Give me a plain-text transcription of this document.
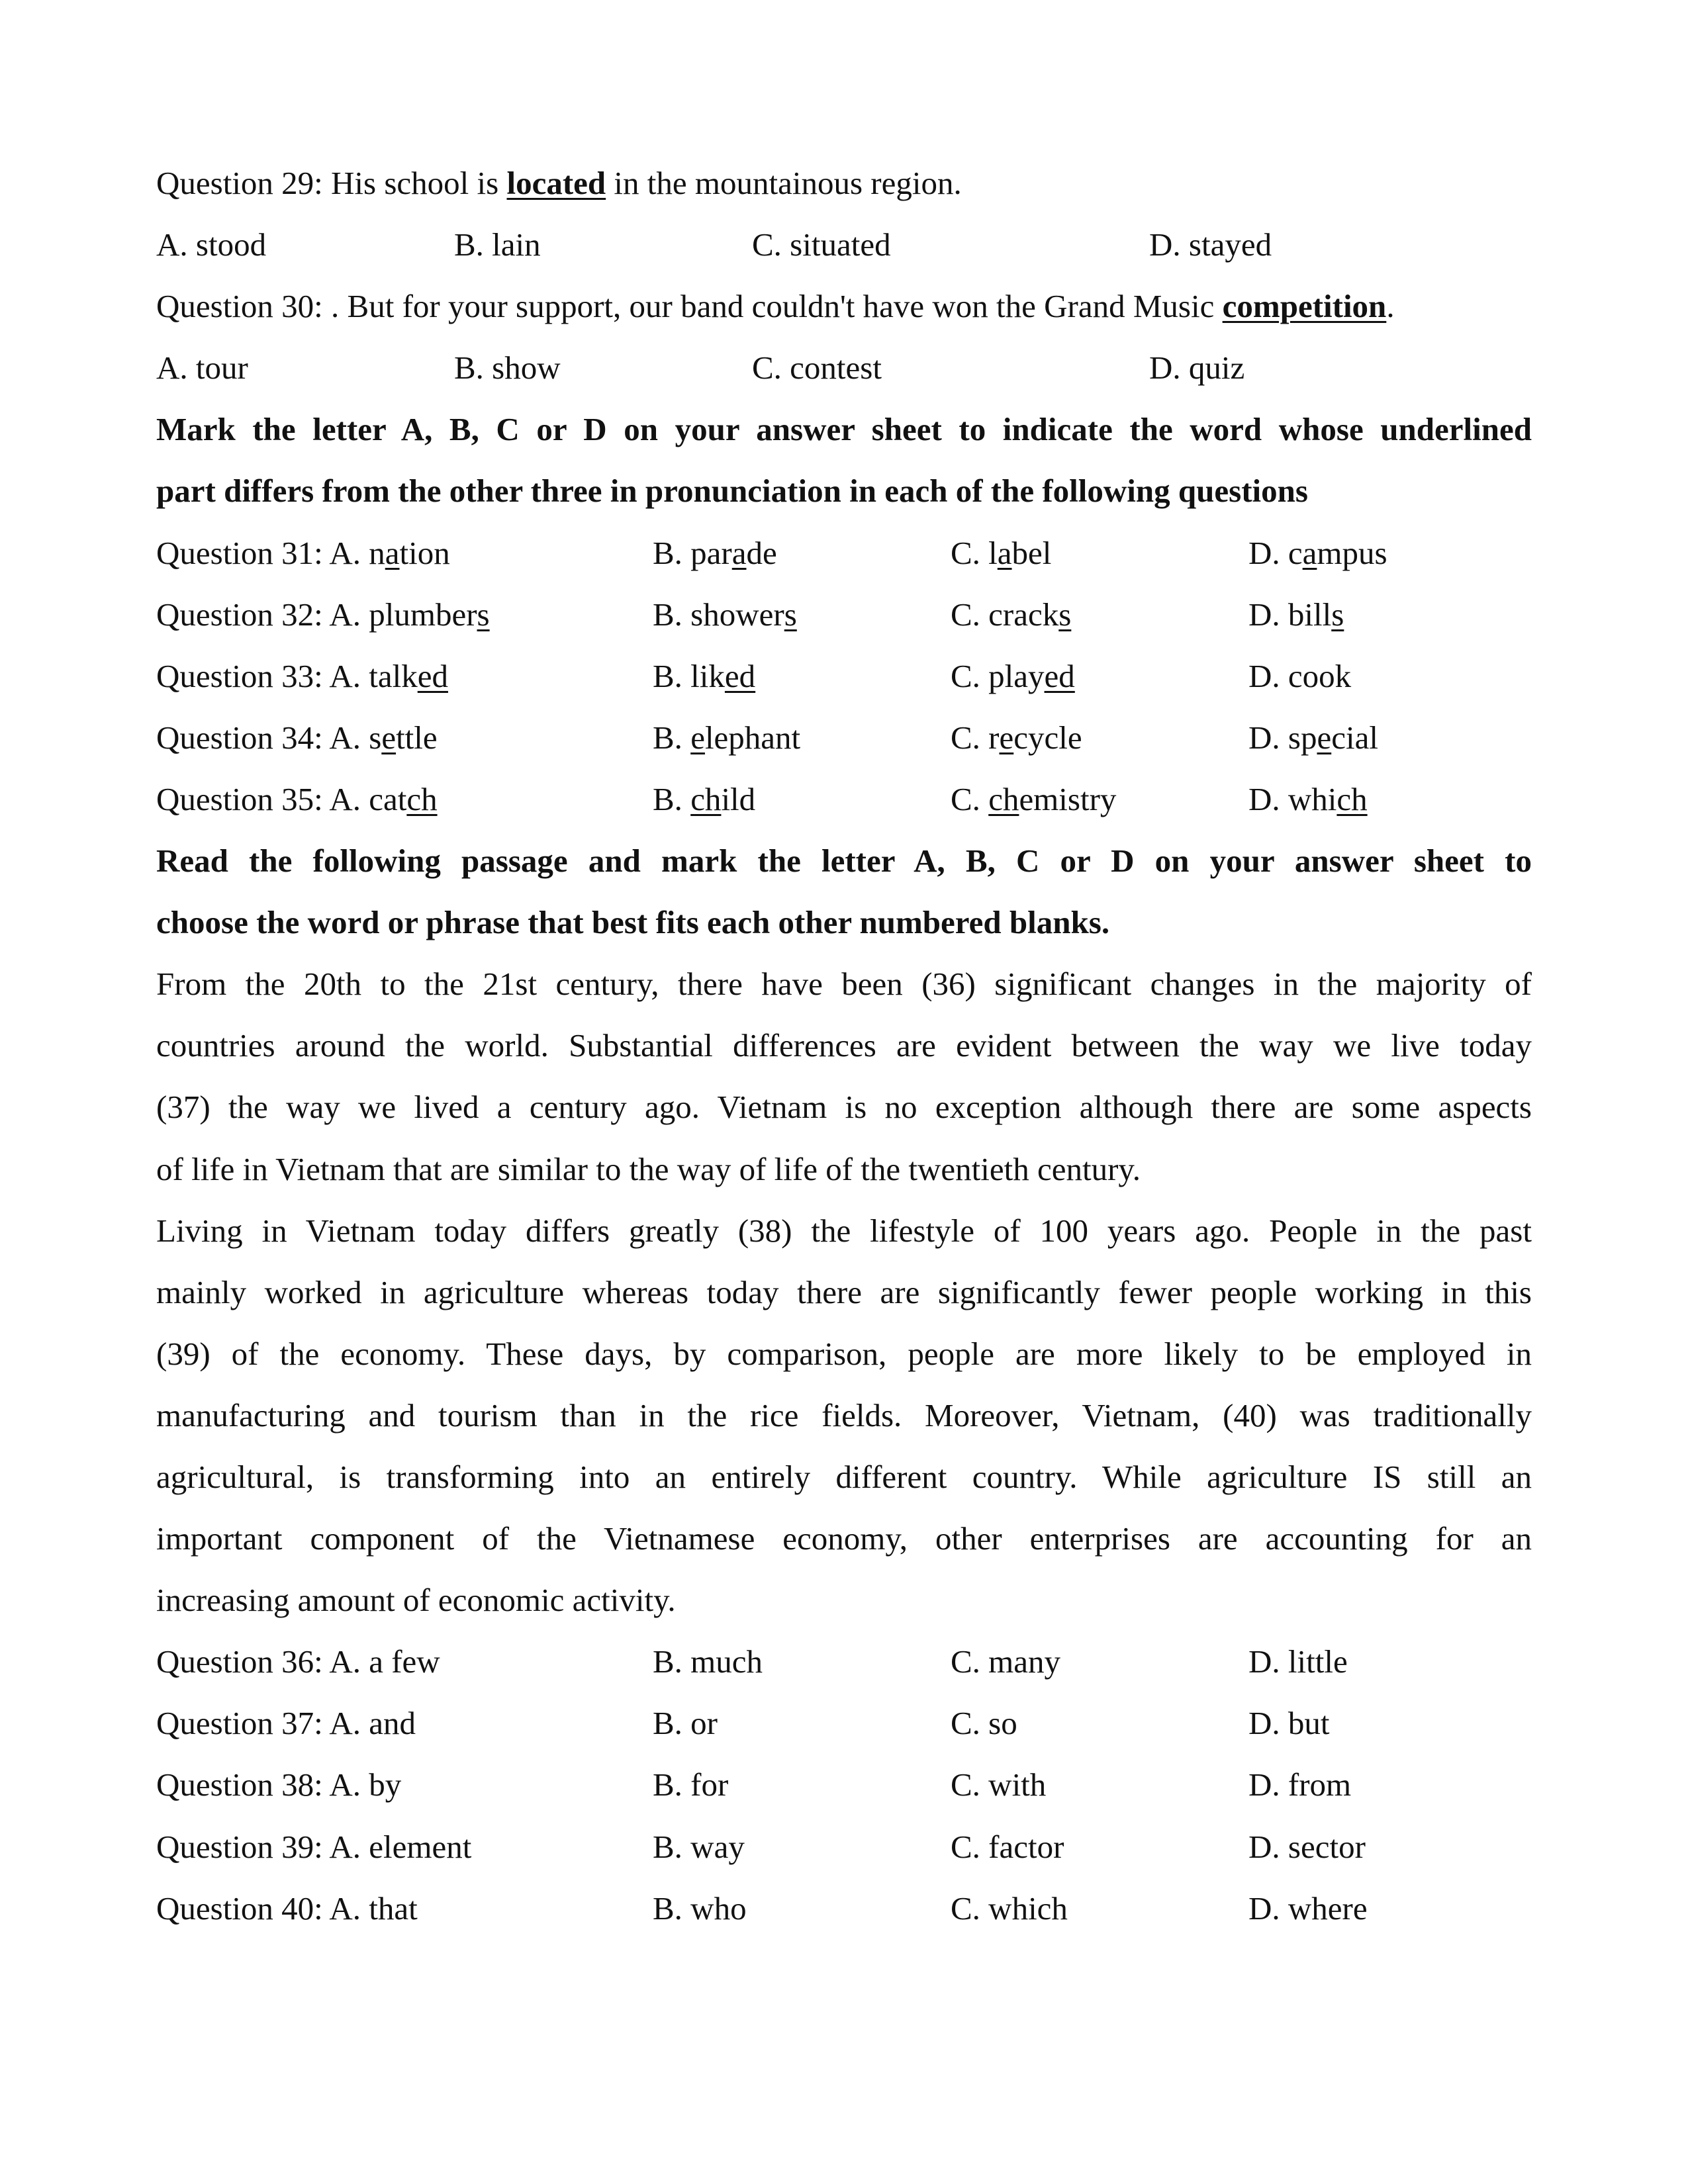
Question 29: His school is located in the mountainous region.
A. stood	B. lain	C. situated	D. stayed
Question 30: . But for your support, our band couldn't have won the Grand Music competition.
A. tour	B. show	C. contest	D. quiz
Mark the letter A, B, C or D on your answer sheet to indicate the word whose underlined
part differs from the other three in pronunciation in each of the following questions
Question 31: A. nation	B. parade	C. label	D. campus
Question 32: A. plumbers	B. showers	C. cracks	D. bills
Question 33: A. talked	B. liked	C. played	D. cook
Question 34: A. settle	B. elephant	C. recycle	D. special
Question 35: A. catch	B. child	C. chemistry	D. which
Read the following passage and mark the letter A, B, C or D on your answer sheet to
choose the word or phrase that best fits each other numbered blanks.
From the 20th to the 21st century, there have been (36) significant changes in the majority of
countries around the world. Substantial differences are evident between the way we live today
(37) the way we lived a century ago. Vietnam is no exception although there are some aspects
of life in Vietnam that are similar to the way of life of the twentieth century.
Living in Vietnam today differs greatly (38) the lifestyle of 100 years ago. People in the past
mainly worked in agriculture whereas today there are significantly fewer people working in this
(39) of the economy. These days, by comparison, people are more likely to be employed in
manufacturing and tourism than in the rice fields. Moreover, Vietnam, (40) was traditionally
agricultural, is transforming into an entirely different country. While agriculture IS still an
important component of the Vietnamese economy, other enterprises are accounting for an
increasing amount of economic activity.
Question 36: A. a few	B. much	C. many	D. little
Question 37: A. and	B. or	C. so	D. but
Question 38: A. by	B. for	C. with	D. from
Question 39: A. element	B. way	C. factor	D. sector
Question 40: A. that	B. who	C. which	D. where
